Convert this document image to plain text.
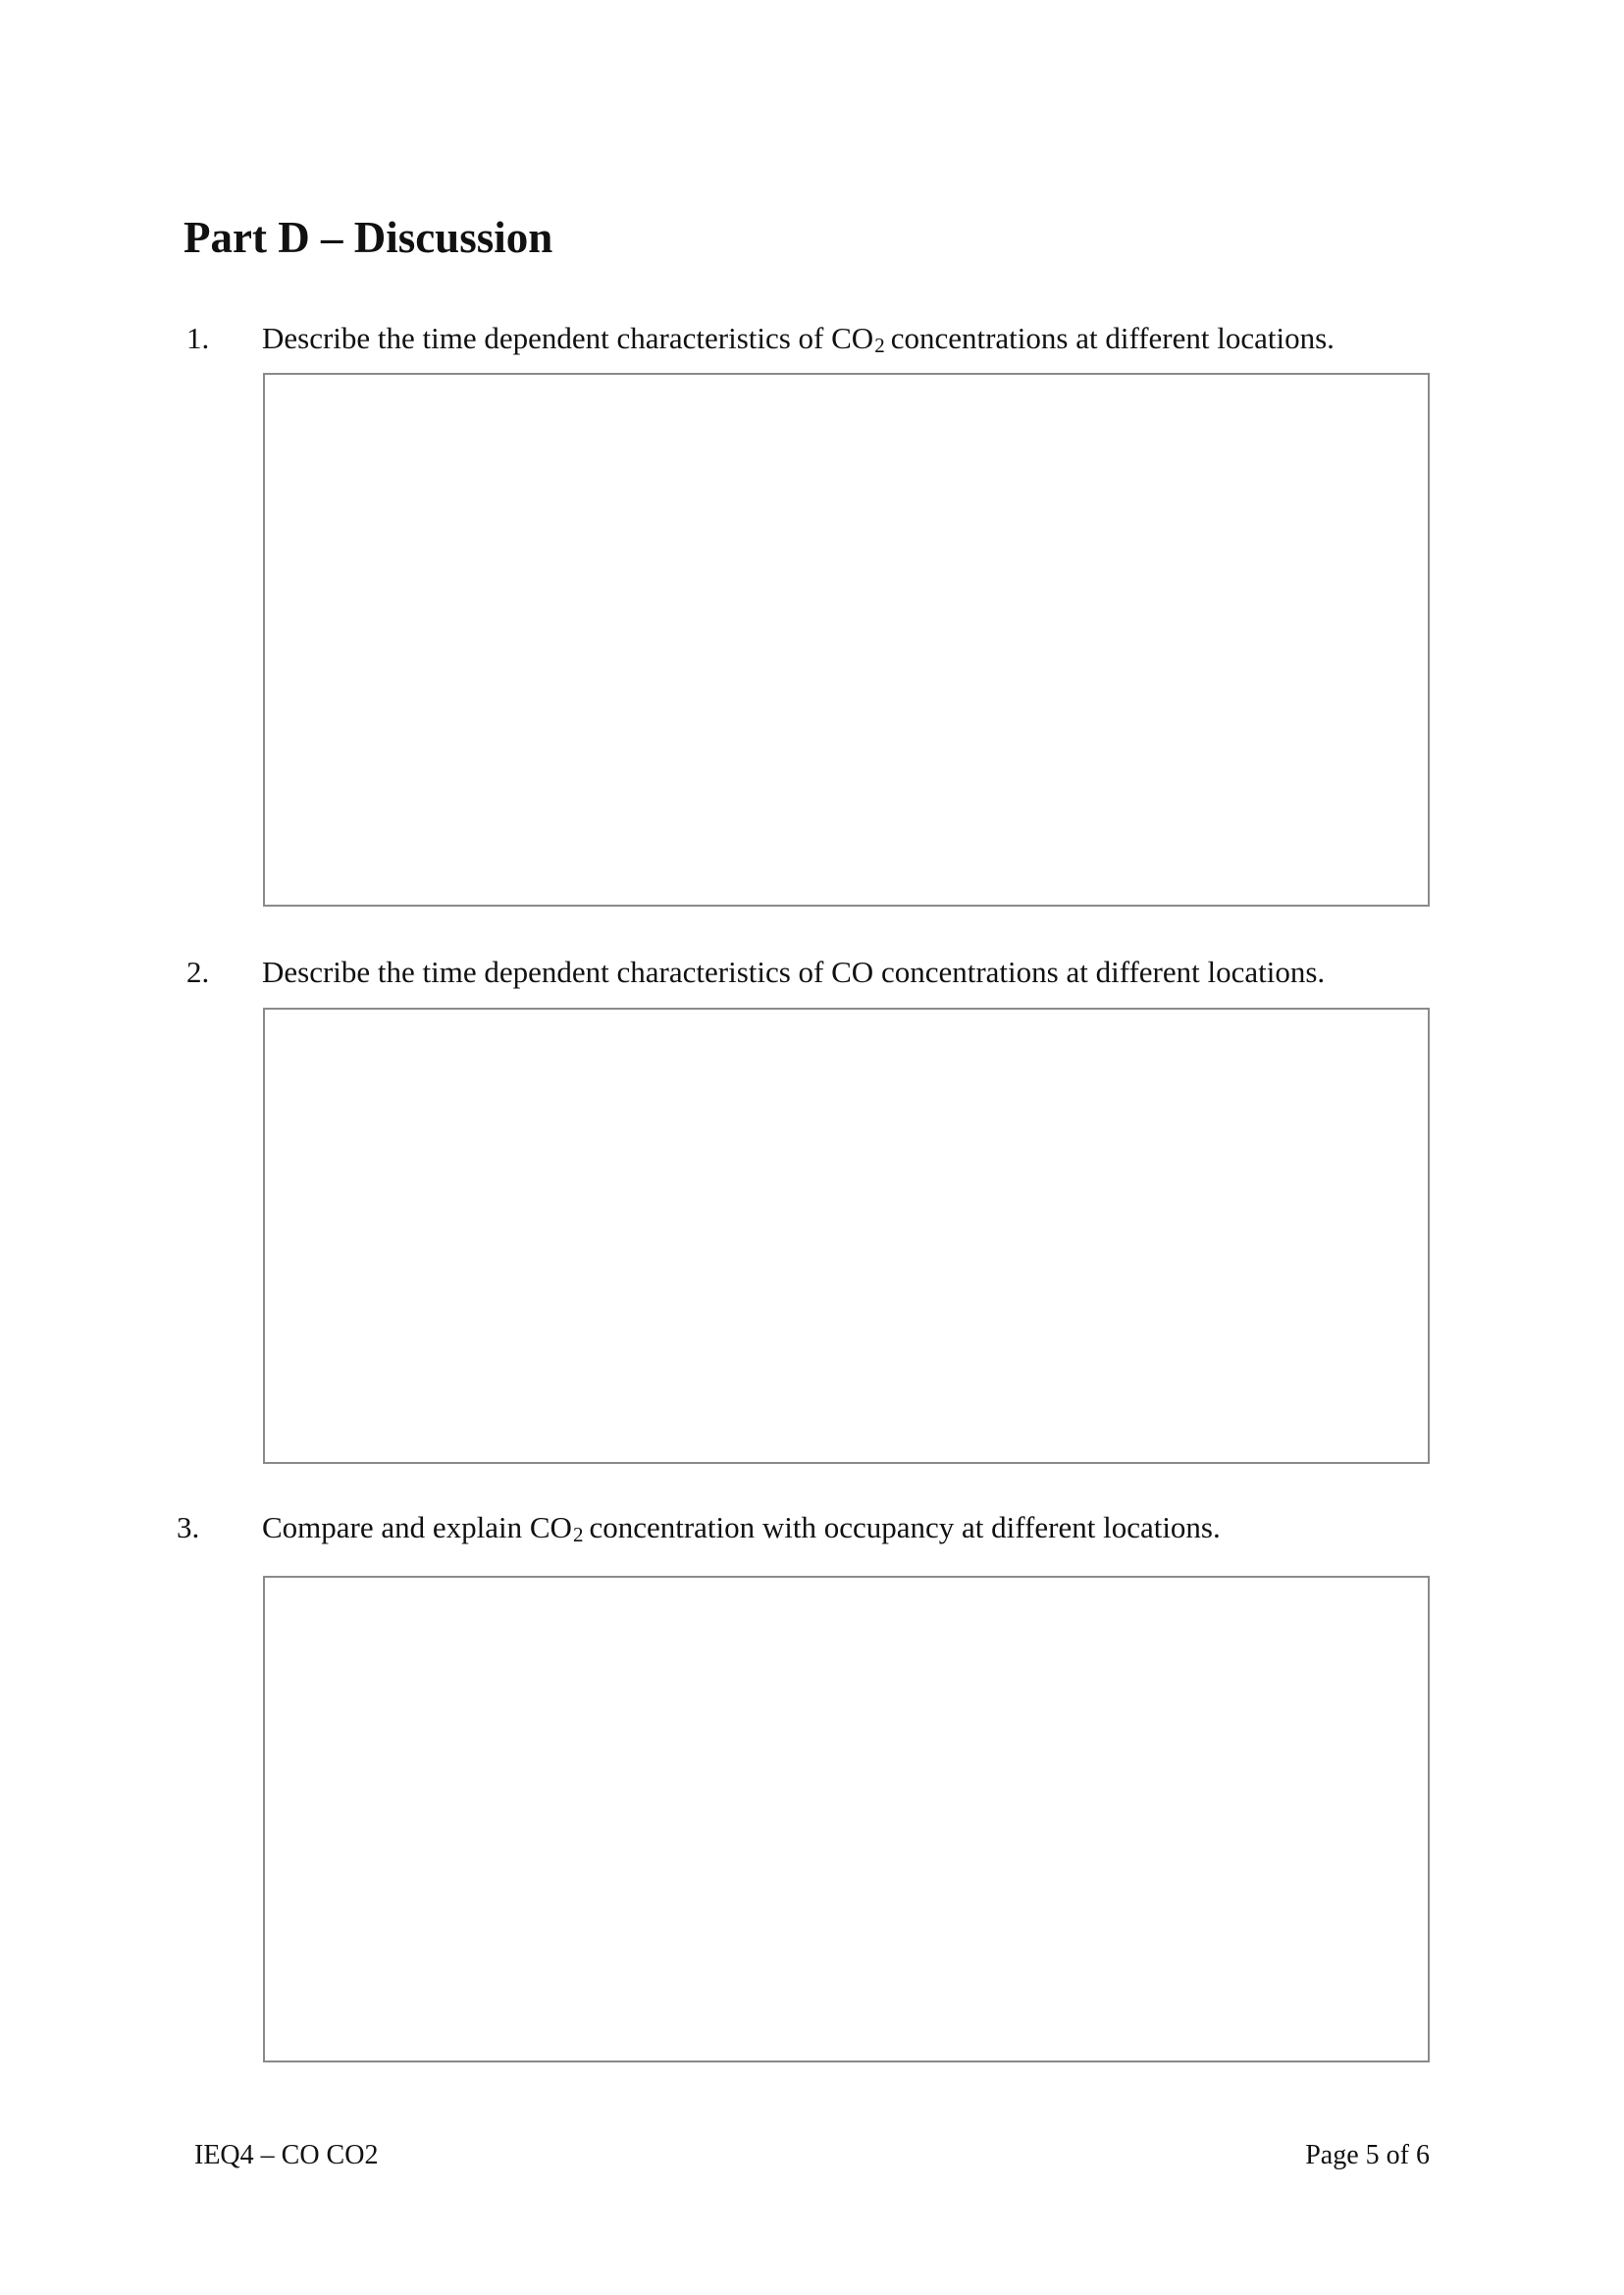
Part D – Discussion
1. Describe the time dependent characteristics of $CO_2$ concentrations at different locations.
2. Describe the time dependent characteristics of CO concentrations at different locations.
3. Compare and explain $CO_2$ concentration with occupancy at different locations.
IEQ4 – CO CO2	Page 5 of 6
